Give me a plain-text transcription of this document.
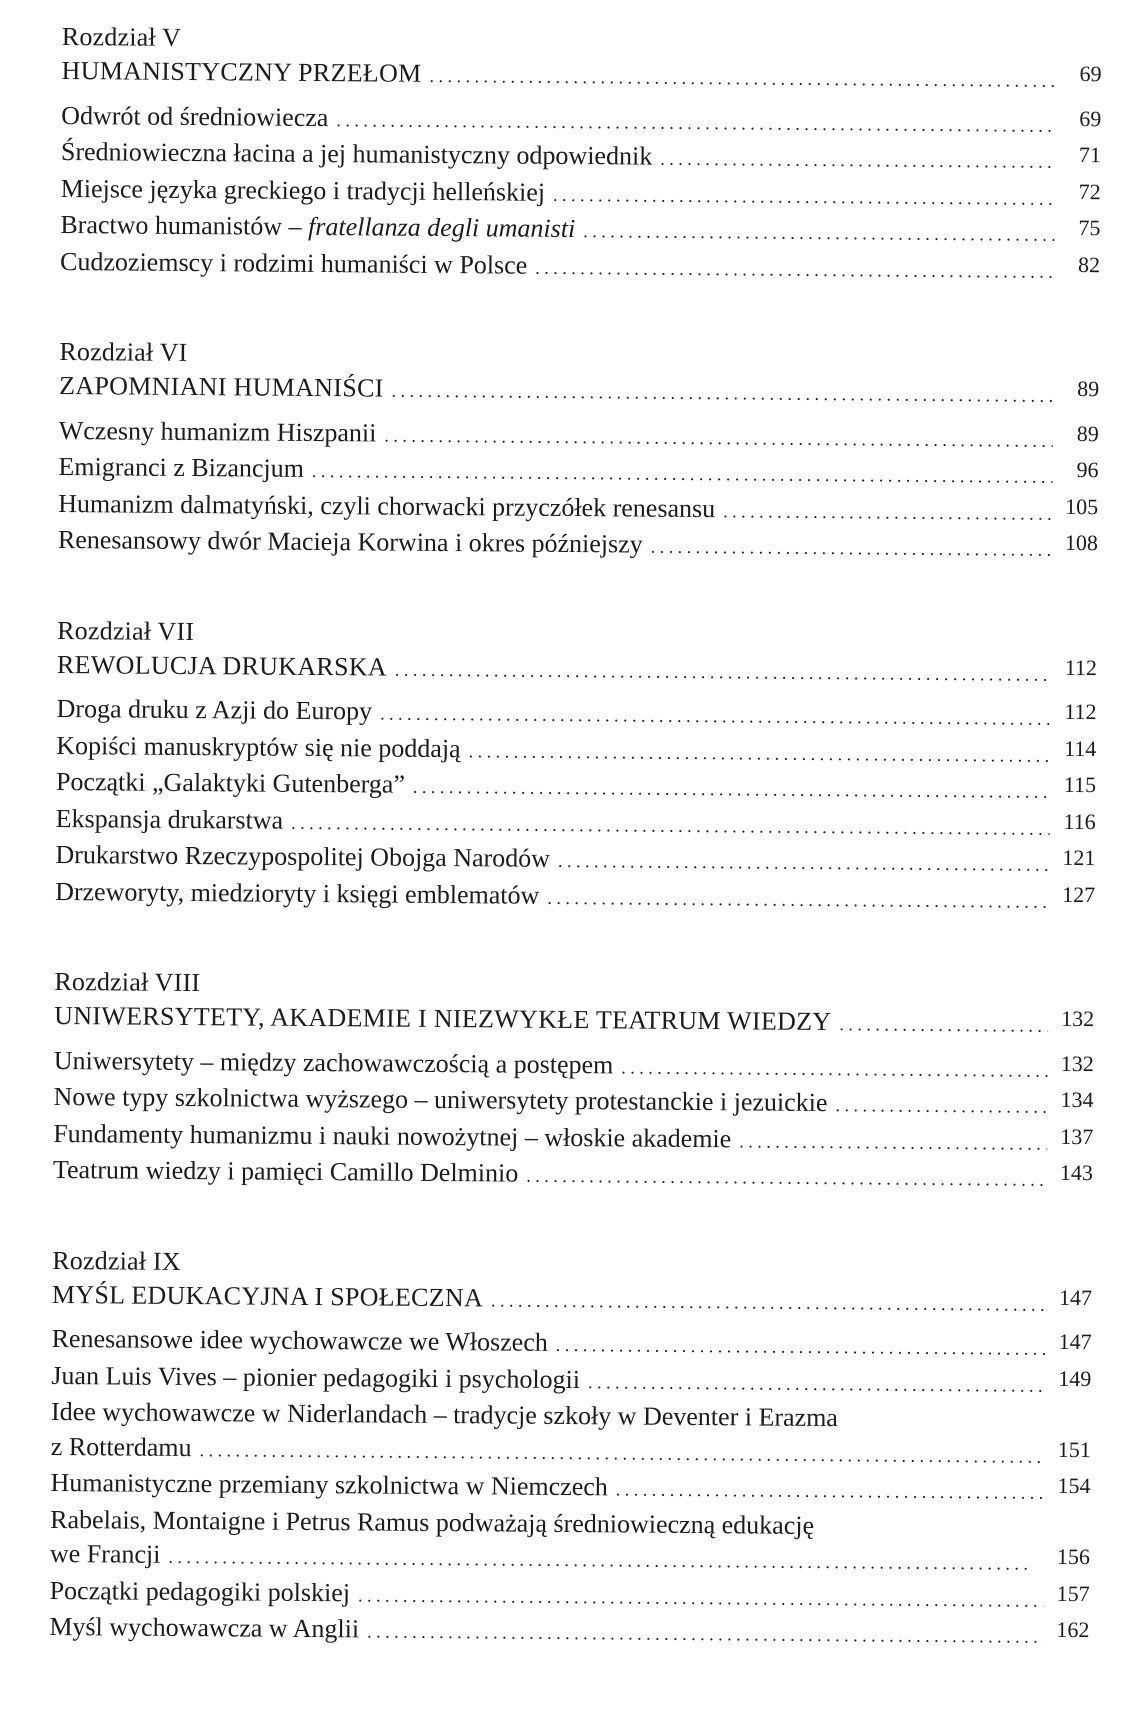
Rozdział V
HUMANISTYCZNY PRZEŁOM . . .	69
Odwrót od średniowiecza . . .	69
Średniowieczna łacina a jej humanistyczny odpowiednik . . .	71
Miejsce języka greckiego i tradycji helleńskiej . . .	72
Bractwo humanistów – fratellanza degli umanisti . . .	75
Cudzoziemscy i rodzimi humaniści w Polsce . . .	82
Rozdział VI
ZAPOMNIANI HUMANIŚCI . . .	89
Wczesny humanizm Hiszpanii . . .	89
Emigranci z Bizancjum . . .	96
Humanizm dalmatyński, czyli chorwacki przyczółek renesansu . . .	105
Renesansowy dwór Macieja Korwina i okres późniejszy . . .	108
Rozdział VII
REWOLUCJA DRUKARSKA . . .	112
Droga druku z Azji do Europy . . .	112
Kopiści manuskryptów się nie poddają . . .	114
Początki „Galaktyki Gutenberga” . . .	115
Ekspansja drukarstwa . . .	116
Drukarstwo Rzeczypospolitej Obojga Narodów . . .	121
Drzeworyty, miedzioryty i księgi emblematów . . .	127
Rozdział VIII
UNIWERSYTETY, AKADEMIE I NIEZWYKŁE TEATRUM WIEDZY . . .	132
Uniwersytety – między zachowawczością a postępem . . .	132
Nowe typy szkolnictwa wyższego – uniwersytety protestanckie i jezuickie . . .	134
Fundamenty humanizmu i nauki nowożytnej – włoskie akademie . . .	137
Teatrum wiedzy i pamięci Camillo Delminio . . .	143
Rozdział IX
MYŚL EDUKACYJNA I SPOŁECZNA . . .	147
Renesansowe idee wychowawcze we Włoszech . . .	147
Juan Luis Vives – pionier pedagogiki i psychologii . . .	149
Idee wychowawcze w Niderlandach – tradycje szkoły w Deventer i Erazma
z Rotterdamu . . .	151
Humanistyczne przemiany szkolnictwa w Niemczech . . .	154
Rabelais, Montaigne i Petrus Ramus podważają średniowieczną edukację
we Francji . . .	156
Początki pedagogiki polskiej . . .	157
Myśl wychowawcza w Anglii . . .	162
